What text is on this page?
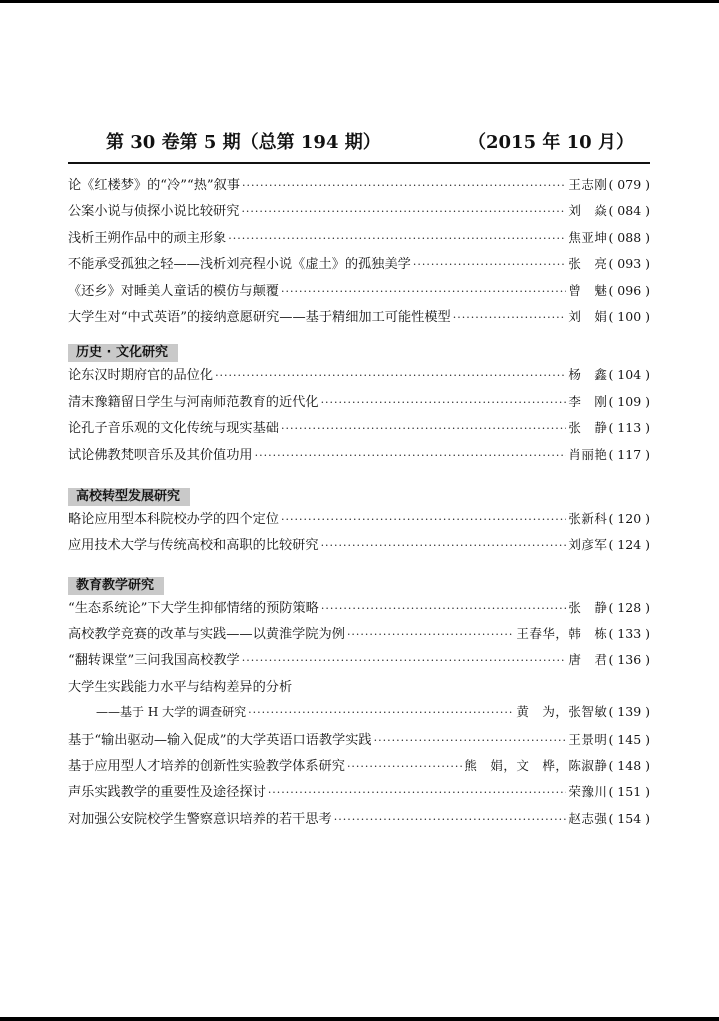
第 30 卷第 5 期（总第 194 期）	（2015 年 10 月）
论《红楼梦》的“冷”“热”叙事 ·····	王志刚 ( 079 )
公案小说与侦探小说比较研究 ·····	刘　焱 ( 084 )
浅析王朔作品中的顽主形象 ·····	焦亚坤 ( 088 )
不能承受孤独之轻——浅析刘亮程小说《虚土》的孤独美学 ·····	张　亮 ( 093 )
《还乡》对睡美人童话的模仿与颠覆 ·····	曾　魅 ( 096 )
大学生对“中式英语”的接纳意愿研究——基于精细加工可能性模型 ·····	刘　娟 ( 100 )
历史 · 文化研究
论东汉时期府官的品位化 ·····	杨　鑫 ( 104 )
清末豫籍留日学生与河南师范教育的近代化 ·····	李　刚 ( 109 )
论孔子音乐观的文化传统与现实基础 ·····	张　静 ( 113 )
试论佛教梵呗音乐及其价值功用 ·····	肖丽艳 ( 117 )
高校转型发展研究
略论应用型本科院校办学的四个定位 ·····	张新科 ( 120 )
应用技术大学与传统高校和高职的比较研究 ·····	刘彦军 ( 124 )
教育教学研究
“生态系统论”下大学生抑郁情绪的预防策略 ·····	张　静 ( 128 )
高校教学竞赛的改革与实践——以黄淮学院为例 ·····	王春华，韩　栋 ( 133 )
“翻转课堂”三问我国高校教学 ·····	唐　君 ( 136 )
大学生实践能力水平与结构差异的分析
——基于 H 大学的调查研究 ·····	黄　为，张智敏 ( 139 )
基于“输出驱动—输入促成”的大学英语口语教学实践 ·····	王景明 ( 145 )
基于应用型人才培养的创新性实验教学体系研究 ·····	熊　娟，文　桦，陈淑静 ( 148 )
声乐实践教学的重要性及途径探讨 ·····	荣豫川 ( 151 )
对加强公安院校学生警察意识培养的若干思考 ·····	赵志强 ( 154 )
